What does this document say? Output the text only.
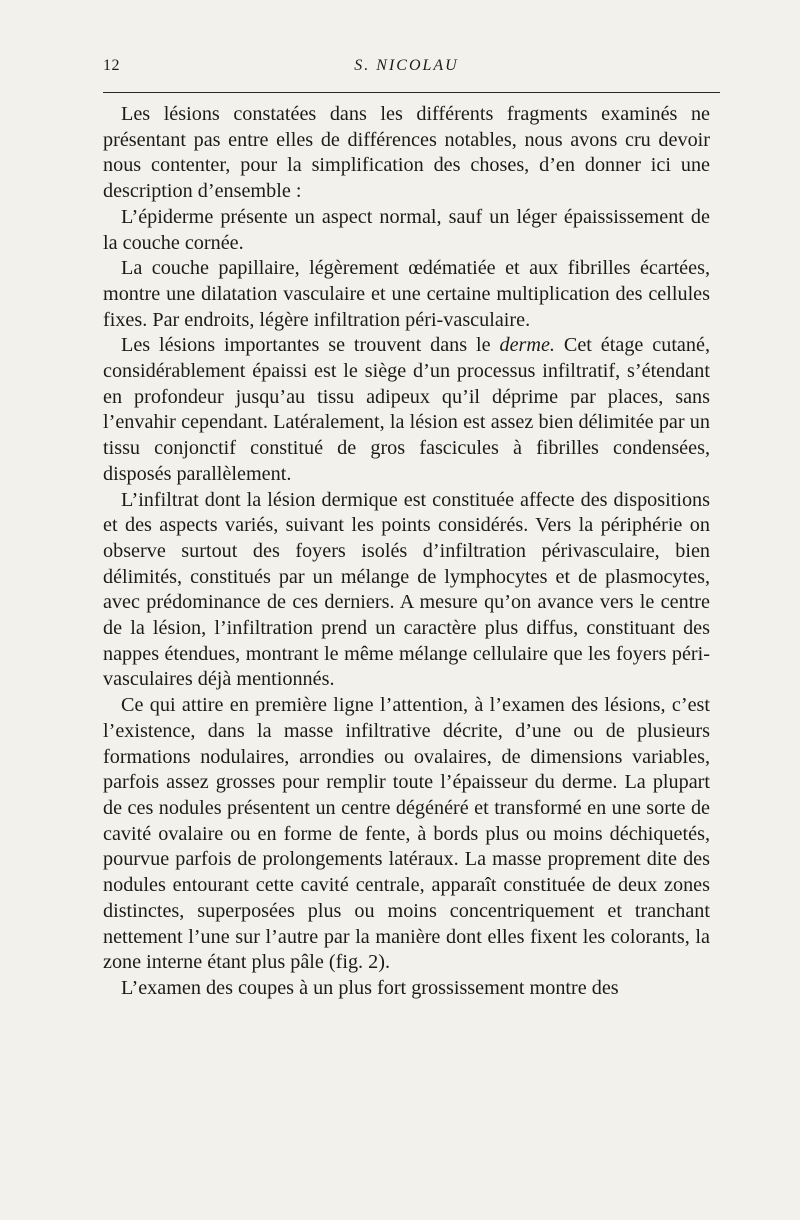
12	S. NICOLAU

Les lésions constatées dans les différents fragments examinés ne présentant pas entre elles de différences notables, nous avons cru devoir nous contenter, pour la simplification des choses, d’en donner ici une description d’ensemble :

L’épiderme présente un aspect normal, sauf un léger épaississement de la couche cornée.

La couche papillaire, légèrement œdématiée et aux fibrilles écartées, montre une dilatation vasculaire et une certaine multiplication des cellules fixes. Par endroits, légère infiltration péri-vasculaire.

Les lésions importantes se trouvent dans le derme. Cet étage cutané, considérablement épaissi est le siège d’un processus infiltratif, s’étendant en profondeur jusqu’au tissu adipeux qu’il déprime par places, sans l’envahir cependant. Latéralement, la lésion est assez bien délimitée par un tissu conjonctif constitué de gros fascicules à fibrilles condensées, disposés parallèlement.

L’infiltrat dont la lésion dermique est constituée affecte des dispositions et des aspects variés, suivant les points considérés. Vers la périphérie on observe surtout des foyers isolés d’infiltration périvasculaire, bien délimités, constitués par un mélange de lymphocytes et de plasmocytes, avec prédominance de ces derniers. A mesure qu’on avance vers le centre de la lésion, l’infiltration prend un caractère plus diffus, constituant des nappes étendues, montrant le même mélange cellulaire que les foyers péri-vasculaires déjà mentionnés.

Ce qui attire en première ligne l’attention, à l’examen des lésions, c’est l’existence, dans la masse infiltrative décrite, d’une ou de plusieurs formations nodulaires, arrondies ou ovalaires, de dimensions variables, parfois assez grosses pour remplir toute l’épaisseur du derme. La plupart de ces nodules présentent un centre dégénéré et transformé en une sorte de cavité ovalaire ou en forme de fente, à bords plus ou moins déchiquetés, pourvue parfois de prolongements latéraux. La masse proprement dite des nodules entourant cette cavité centrale, apparaît constituée de deux zones distinctes, superposées plus ou moins concentriquement et tranchant nettement l’une sur l’autre par la manière dont elles fixent les colorants, la zone interne étant plus pâle (fig. 2).

L’examen des coupes à un plus fort grossissement montre des
